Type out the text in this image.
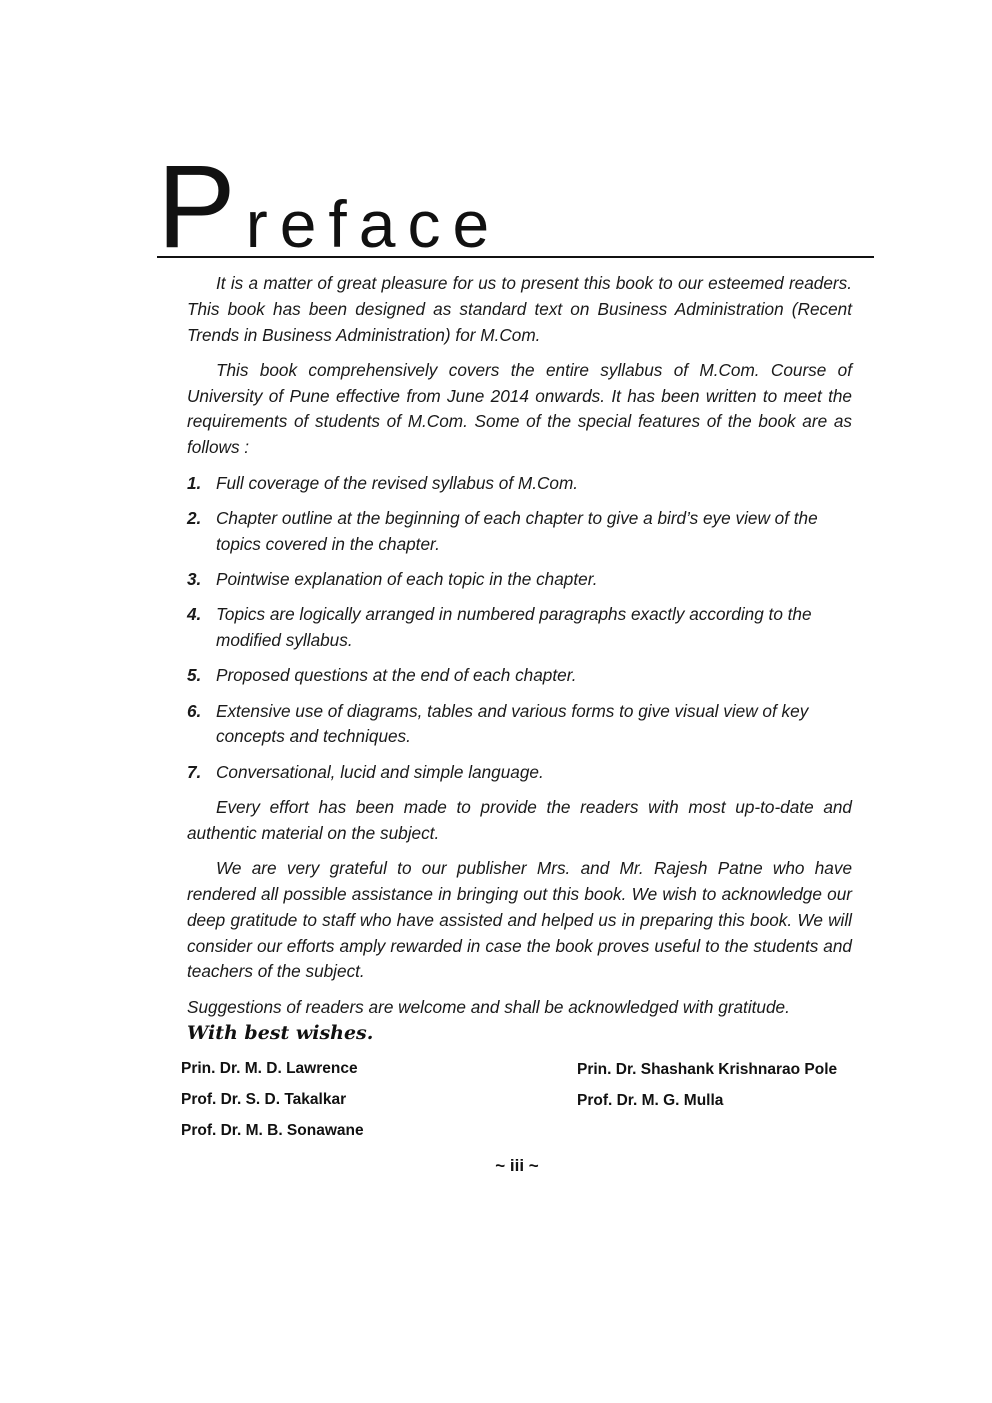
Preface

It is a matter of great pleasure for us to present this book to our esteemed readers. This book has been designed as standard text on Business Administration (Recent Trends in Business Administration) for M.Com.

This book comprehensively covers the entire syllabus of M.Com. Course of University of Pune effective from June 2014 onwards. It has been written to meet the requirements of students of M.Com. Some of the special features of the book are as follows :

1. Full coverage of the revised syllabus of M.Com.
2. Chapter outline at the beginning of each chapter to give a bird’s eye view of the topics covered in the chapter.
3. Pointwise explanation of each topic in the chapter.
4. Topics are logically arranged in numbered paragraphs exactly according to the modified syllabus.
5. Proposed questions at the end of each chapter.
6. Extensive use of diagrams, tables and various forms to give visual view of key concepts and techniques.
7. Conversational, lucid and simple language.

Every effort has been made to provide the readers with most up-to-date and authentic material on the subject.

We are very grateful to our publisher Mrs. and Mr. Rajesh Patne who have rendered all possible assistance in bringing out this book. We wish to acknowledge our deep gratitude to staff who have assisted and helped us in preparing this book. We will consider our efforts amply rewarded in case the book proves useful to the students and teachers of the subject.

Suggestions of readers are welcome and shall be acknowledged with gratitude.

With best wishes.
Prin. Dr. M. D. Lawrence
Prof. Dr. S. D. Takalkar
Prof. Dr. M. B. Sonawane
Prin. Dr. Shashank Krishnarao Pole
Prof. Dr. M. G. Mulla
~ iii ~
